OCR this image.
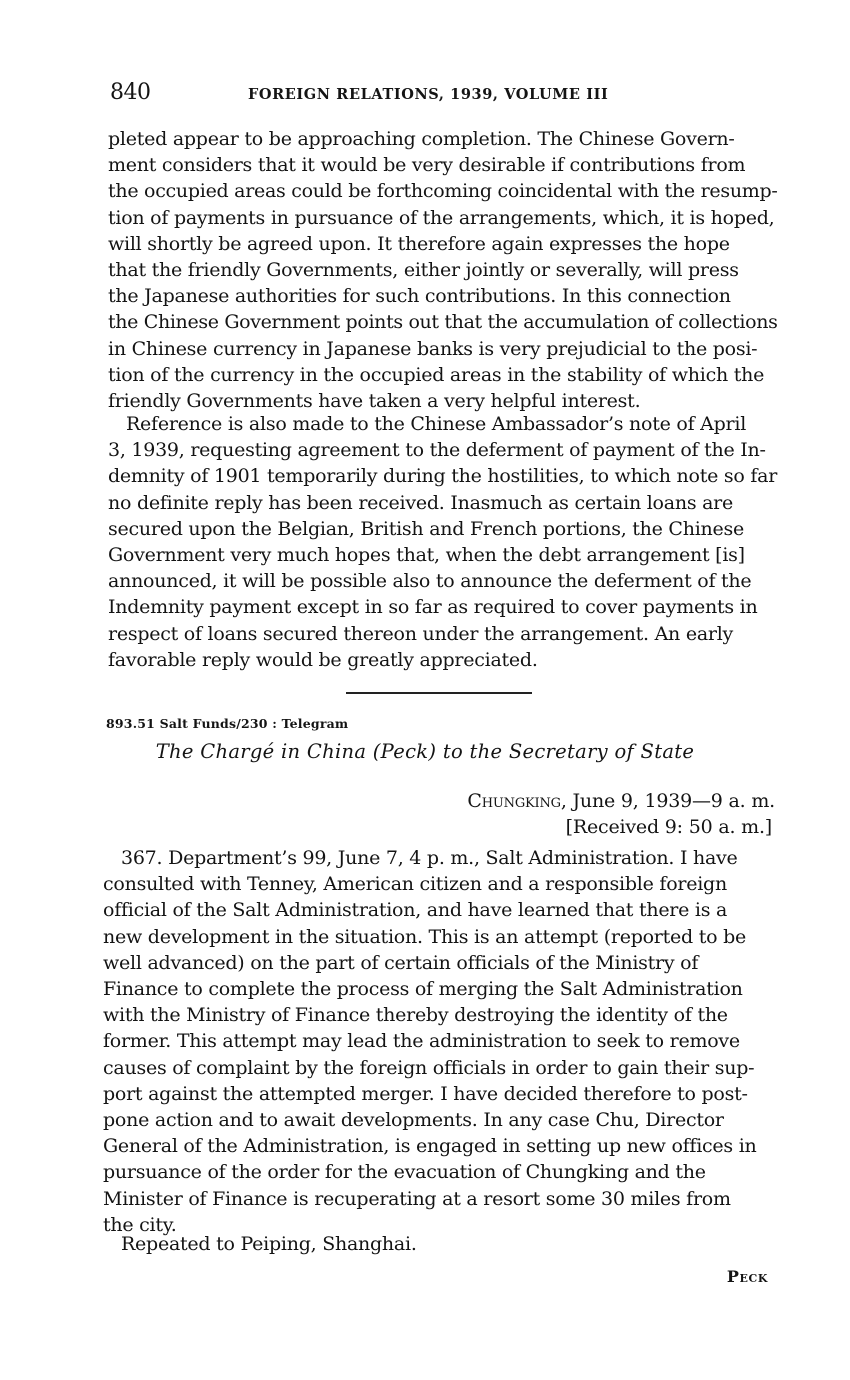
840	FOREIGN RELATIONS, 1939, VOLUME III

pleted appear to be approaching completion. The Chinese Govern-
ment considers that it would be very desirable if contributions from
the occupied areas could be forthcoming coincidental with the resump-
tion of payments in pursuance of the arrangements, which, it is hoped,
will shortly be agreed upon. It therefore again expresses the hope
that the friendly Governments, either jointly or severally, will press
the Japanese authorities for such contributions. In this connection
the Chinese Government points out that the accumulation of collections
in Chinese currency in Japanese banks is very prejudicial to the posi-
tion of the currency in the occupied areas in the stability of which the
friendly Governments have taken a very helpful interest.

Reference is also made to the Chinese Ambassador’s note of April
3, 1939, requesting agreement to the deferment of payment of the In-
demnity of 1901 temporarily during the hostilities, to which note so far
no definite reply has been received. Inasmuch as certain loans are
secured upon the Belgian, British and French portions, the Chinese
Government very much hopes that, when the debt arrangement [is]
announced, it will be possible also to announce the deferment of the
Indemnity payment except in so far as required to cover payments in
respect of loans secured thereon under the arrangement. An early
favorable reply would be greatly appreciated.

893.51 Salt Funds/230 : Telegram
The Chargé in China (Peck) to the Secretary of State
Chungking, June 9, 1939—9 a. m.
[Received 9: 50 a. m.]

367. Department’s 99, June 7, 4 p. m., Salt Administration. I have
consulted with Tenney, American citizen and a responsible foreign
official of the Salt Administration, and have learned that there is a
new development in the situation. This is an attempt (reported to be
well advanced) on the part of certain officials of the Ministry of
Finance to complete the process of merging the Salt Administration
with the Ministry of Finance thereby destroying the identity of the
former. This attempt may lead the administration to seek to remove
causes of complaint by the foreign officials in order to gain their sup-
port against the attempted merger. I have decided therefore to post-
pone action and to await developments. In any case Chu, Director
General of the Administration, is engaged in setting up new offices in
pursuance of the order for the evacuation of Chungking and the
Minister of Finance is recuperating at a resort some 30 miles from
the city.

Repeated to Peiping, Shanghai.

Peck
